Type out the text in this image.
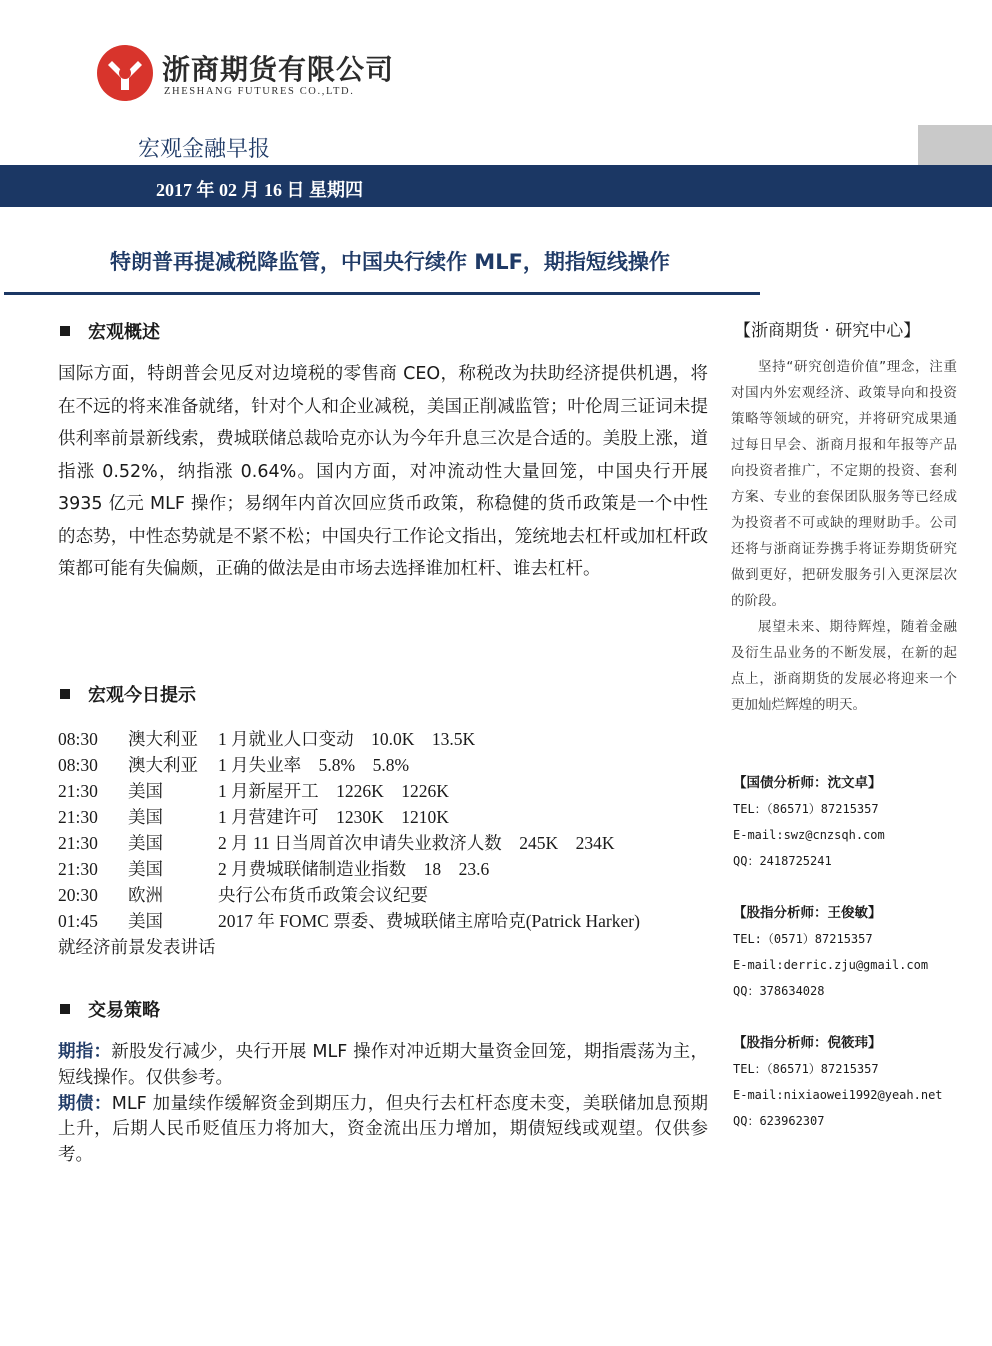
浙商期货有限公司
ZHESHANG FUTURES CO.,LTD.
宏观金融早报
2017 年 02 月 16 日 星期四
特朗普再提减税降监管，中国央行续作 MLF，期指短线操作
宏观概述
国际方面，特朗普会见反对边境税的零售商 CEO，称税改为扶助经济提供机遇，将在不远的将来准备就绪，针对个人和企业减税，美国正削减监管；叶伦周三证词未提供利率前景新线索，费城联储总裁哈克亦认为今年升息三次是合适的。美股上涨，道指涨 0.52%，纳指涨 0.64%。国内方面，对冲流动性大量回笼，中国央行开展 3935 亿元 MLF 操作；易纲年内首次回应货币政策，称稳健的货币政策是一个中性的态势，中性态势就是不紧不松；中国央行工作论文指出，笼统地去杠杆或加杠杆政策都可能有失偏颇，正确的做法是由市场去选择谁加杠杆、谁去杠杆。
宏观今日提示
08:30 澳大利亚 1 月就业人口变动    10.0K    13.5K
08:30 澳大利亚 1 月失业率    5.8%    5.8%
21:30 美国	1 月新屋开工    1226K    1226K
21:30 美国	1 月营建许可    1230K    1210K
21:30 美国	2 月 11 日当周首次申请失业救济人数    245K    234K
21:30 美国	2 月费城联储制造业指数    18    23.6
20:30 欧洲	央行公布货币政策会议纪要
01:45 美国	2017 年 FOMC 票委、费城联储主席哈克(Patrick Harker)
就经济前景发表讲话
交易策略
期指：新股发行减少，央行开展 MLF 操作对冲近期大量资金回笼，期指震荡为主，短线操作。仅供参考。
期债：MLF 加量续作缓解资金到期压力，但央行去杠杆态度未变，美联储加息预期上升，后期人民币贬值压力将加大，资金流出压力增加，期债短线或观望。仅供参考。
【浙商期货 · 研究中心】
坚持“研究创造价值”理念，注重对国内外宏观经济、政策导向和投资策略等领域的研究，并将研究成果通过每日早会、浙商月报和年报等产品向投资者推广，不定期的投资、套利方案、专业的套保团队服务等已经成为投资者不可或缺的理财助手。公司还将与浙商证券携手将证券期货研究做到更好，把研发服务引入更深层次的阶段。
展望未来、期待辉煌，随着金融及衍生品业务的不断发展，在新的起点上，浙商期货的发展必将迎来一个更加灿烂辉煌的明天。
【国债分析师：沈文卓】
TEL：（86571）87215357
E-mail:swz@cnzsqh.com
QQ：2418725241
【股指分析师：王俊敏】
TEL:（0571）87215357
E-mail:derric.zju@gmail.com
QQ：378634028
【股指分析师：倪筱玮】
TEL：（86571）87215357
E-mail:nixiaowei1992@yeah.net
QQ：623962307
